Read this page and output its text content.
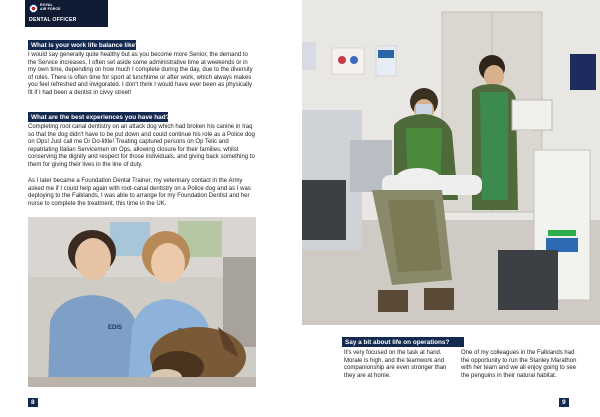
ROYAL
AIR FORCE
DENTAL OFFICER
What is your work life balance like?

I would say generally quite healthy but as you become more Senior, the demand to the Service increases. I often set aside some administrative time at weekends or in my own time, depending on how much I complete during the day, due to the diversity of roles. There is often time for sport at lunchtime or after work, which always makes you feel refreshed and invigorated. I don't think I would have ever been as physically fit if I had been a dentist in civvy street!

What are the best experiences you have had?

Completing root canal dentistry on an attack dog which had broken his canine in Iraq so that the dog didn't have to be put down and could continue his role as a Police dog on Ops! Just call me Dr Do-little! Treating captured persons on Op Telic and repatriating Italian Servicemen on Ops, allowing closure for their families, whilst conserving the dignity and respect for those individuals, and giving back something to them for giving their lives in the line of duty.

As I later became a Foundation Dental Trainer, my veterinary contact in the Army asked me if I could help again with root-canal dentistry on a Police dog and as I was deploying to the Falklands, I was able to arrange for my Foundation Dentist and her nurse to complete the treatment, this time in the UK.

EDIS
8
Say a bit about life on operations?

It's very focused on the task at hand. Morale is high, and the teamwork and companionship are even stronger than they are at home.

One of my colleagues in the Falklands had the opportunity to run the Stanley Marathon with her team and we all enjoy going to see the penguins in their natural habitat.

9
